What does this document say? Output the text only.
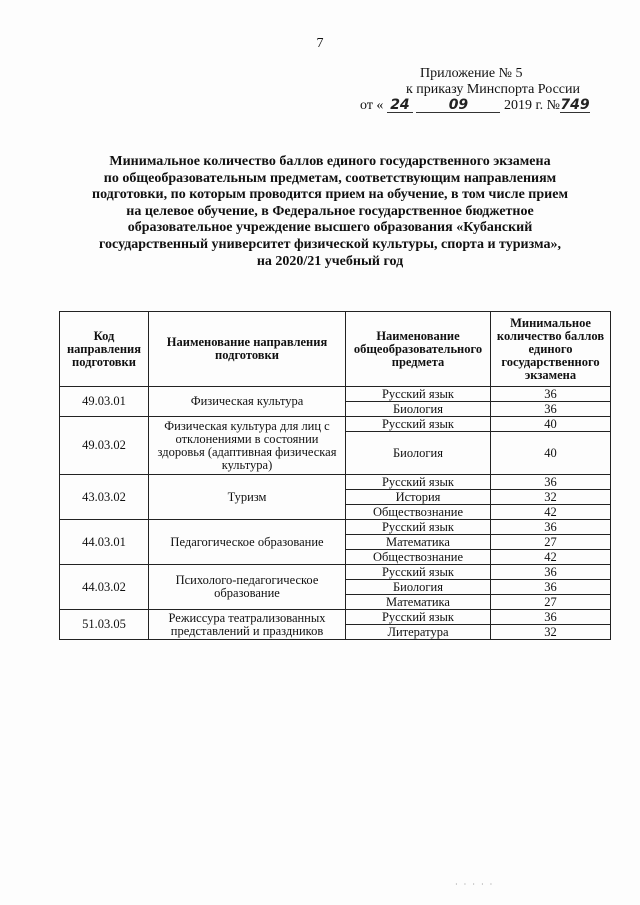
7
Приложение № 5
к приказу Минспорта России
от « 24	09	2019 г. №749
Минимальное количество баллов единого государственного экзамена
по общеобразовательным предметам, соответствующим направлениям
подготовки, по которым проводится прием на обучение, в том числе прием
на целевое обучение, в Федеральное государственное бюджетное
образовательное учреждение высшего образования «Кубанский
государственный университет физической культуры, спорта и туризма»,
на 2020/21 учебный год
Код направления подготовки	Наименование направления подготовки	Наименование общеобразовательного предмета	Минимальное количество баллов единого государственного экзамена
49.03.01	Физическая культура	Русский язык	36
		Биология	36
49.03.02	Физическая культура для лиц с отклонениями в состоянии здоровья (адаптивная физическая культура)	Русский язык	40
		Биология	40
43.03.02	Туризм	Русский язык	36
		История	32
		Обществознание	42
44.03.01	Педагогическое образование	Русский язык	36
		Математика	27
		Обществознание	42
44.03.02	Психолого-педагогическое образование	Русский язык	36
		Биология	36
		Математика	27
51.03.05	Режиссура театрализованных представлений и праздников	Русский язык	36
		Литература	32
· · · · ·
